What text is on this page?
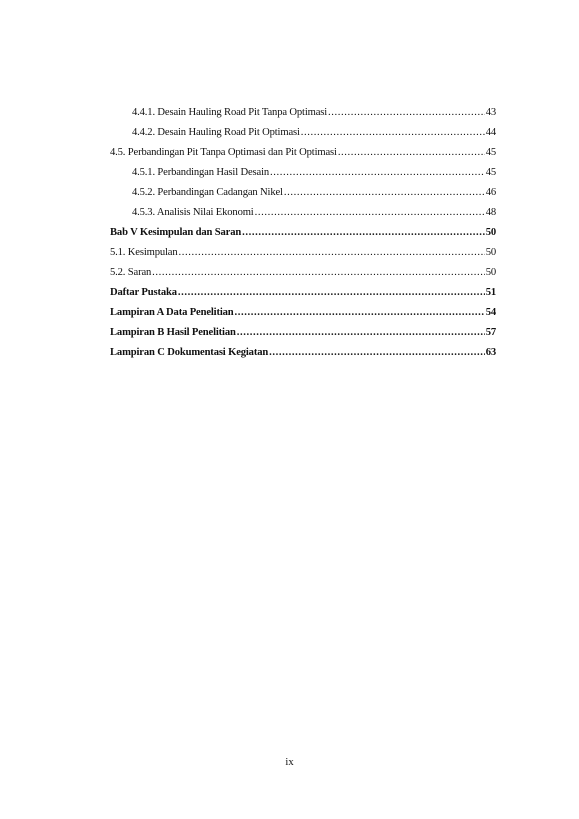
4.4.1. Desain Hauling Road Pit Tanpa Optimasi .....	43
4.4.2. Desain Hauling Road Pit Optimasi .....	44
4.5. Perbandingan Pit Tanpa Optimasi dan Pit Optimasi .....	45
4.5.1. Perbandingan Hasil Desain .....	45
4.5.2. Perbandingan Cadangan Nikel .....	46
4.5.3. Analisis Nilai Ekonomi .....	48
Bab V Kesimpulan dan Saran .....	50
5.1. Kesimpulan .....	50
5.2. Saran .....	50
Daftar Pustaka .....	51
Lampiran A Data Penelitian .....	54
Lampiran B Hasil Penelitian .....	57
Lampiran C Dokumentasi Kegiatan .....	63
ix
